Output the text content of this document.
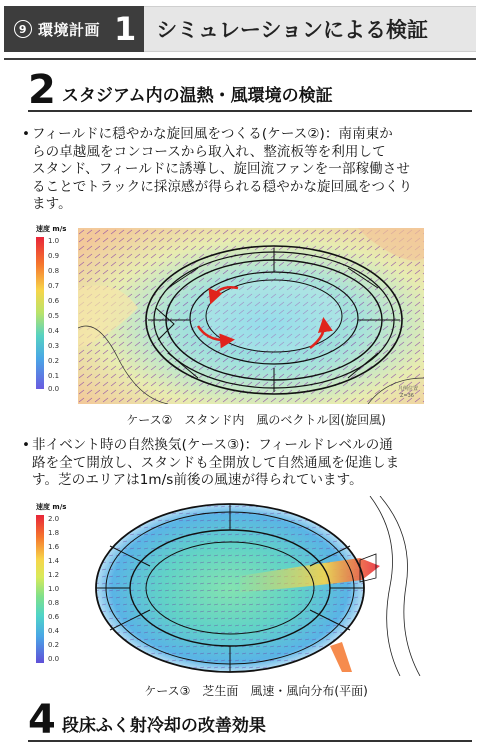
9 環境計画 1 シミュレーションによる検証
2 スタジアム内の温熱・風環境の検証
• フィールドに穏やかな旋回風をつくる(ケース②)：南南東か
らの卓越風をコンコースから取入れ、整流板等を利用して
スタンド、フィールドに誘導し、旋回流ファンを一部稼働させ
ることでトラックに採涼感が得られる穏やかな旋回風をつくり
ます。
速度 m/s
1.0
0.9
0.8
0.7
0.6
0.5
0.4
0.3
0.2
0.1
0.0	凡例位置
Z=36
ケース②　スタンド内　風のベクトル図(旋回風)
• 非イベント時の自然換気(ケース③)：フィールドレベルの通
路を全て開放し、スタンドも全開放して自然通風を促進しま
す。芝のエリアは1m/s前後の風速が得られています。
速度 m/s
2.0
1.8
1.6
1.4
1.2
1.0
0.8
0.6
0.4
0.2
0.0
ケース③　芝生面　風速・風向分布(平面)
4 段床ふく射冷却の改善効果
